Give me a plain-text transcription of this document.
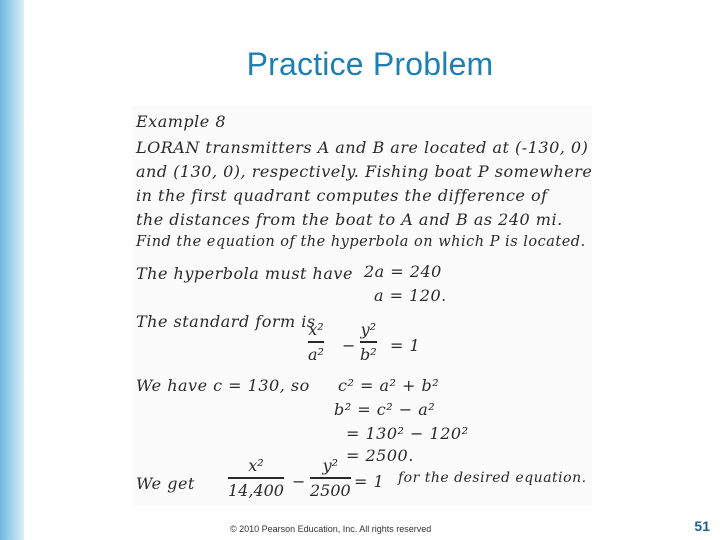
Practice Problem
Example 8
LORAN transmitters A and B are located at (-130, 0)
and (130, 0), respectively. Fishing boat P somewhere
in the first quadrant computes the difference of
the distances from the boat to A and B as 240 mi.
Find the equation of the hyperbola on which P is located.
The hyperbola must have 2a = 240
a = 120.
The standard form is
x²
a² −
y²
b² = 1
We have c = 130, so c² = a² + b²
b² = c² − a²
= 130² − 120²
= 2500.
We get
x²
14,400 −
y²
2500 = 1 for the desired equation.
© 2010 Pearson Education, Inc. All rights reserved	51
